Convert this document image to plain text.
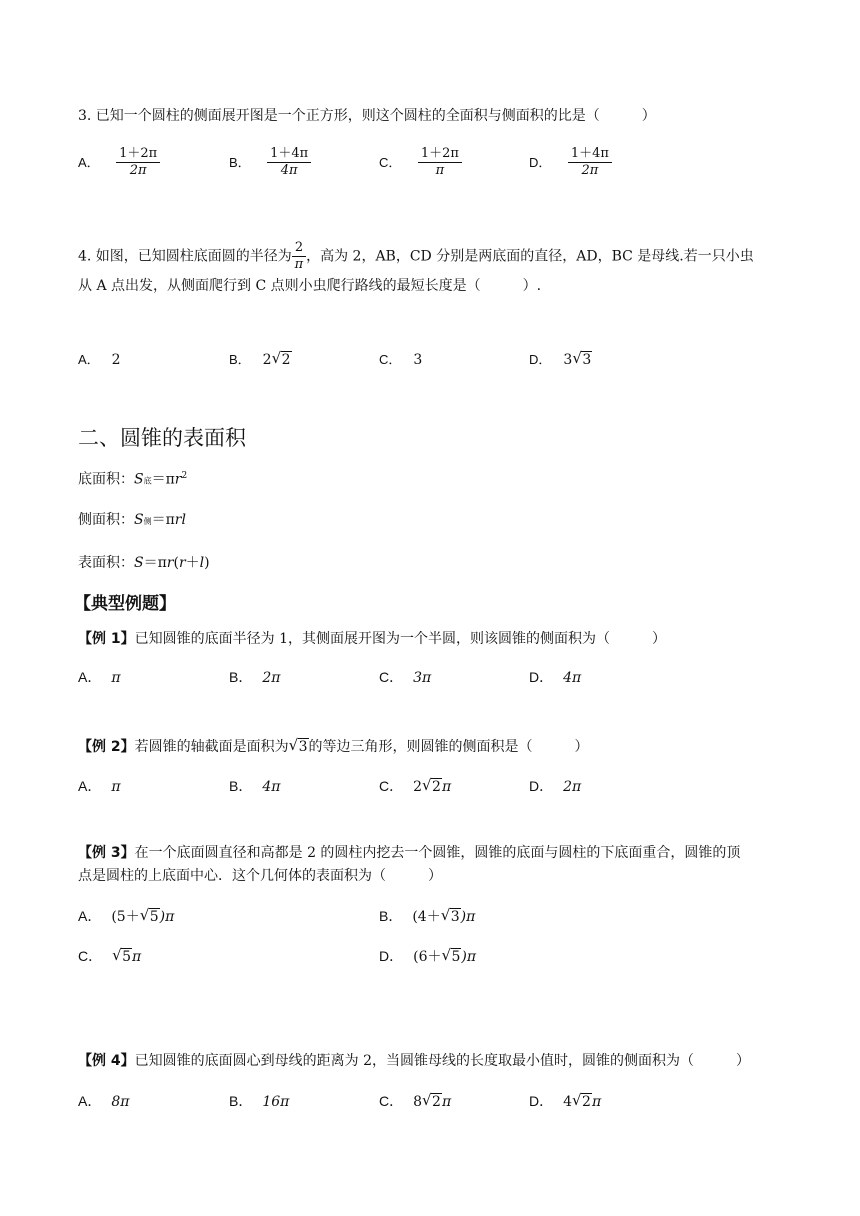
3. 已知一个圆柱的侧面展开图是一个正方形，则这个圆柱的全面积与侧面积的比是（　　　）
A． $\frac{1+2\pi}{2\pi}$	B． $\frac{1+4\pi}{4\pi}$	C． $\frac{1+2\pi}{\pi}$	D． $\frac{1+4\pi}{2\pi}$
4. 如图，已知圆柱底面圆的半径为 $\frac{2}{\pi}$ ，高为 2，AB，CD 分别是两底面的直径，AD，BC 是母线.若一只小虫
从 A 点出发，从侧面爬行到 C 点则小虫爬行路线的最短长度是（　　　）.
A． 2	B． 2 √ 2	C． 3	D． 3 √ 3
二、圆锥的表面积
底面积：S底$=\pi r^2$
侧面积：S侧＝πrl
表面积：S＝πr(r＋l)
【典型例题】
【例 1】已知圆锥的底面半径为 1，其侧面展开图为一个半圆，则该圆锥的侧面积为（　　　）
A． π	B． 2π	C． 3π	D． 4π
【例 2】若圆锥的轴截面是面积为 √ 3的等边三角形，则圆锥的侧面积是（　　　）
A． π	B． 4π	C． 2 √ 2π	D． 2π
【例 3】在一个底面圆直径和高都是 2 的圆柱内挖去一个圆锥，圆锥的底面与圆柱的下底面重合，圆锥的顶
点是圆柱的上底面中心．这个几何体的表面积为（　　　）
A． (5＋ √ 5)π	B． (4＋ √ 3)π
C． √ 5π	D． (6＋ √ 5)π
【例 4】已知圆锥的底面圆心到母线的距离为 2，当圆锥母线的长度取最小值时，圆锥的侧面积为（　　　）
A． 8π	B． 16π	C． 8 √ 2π	D． 4 √ 2π
